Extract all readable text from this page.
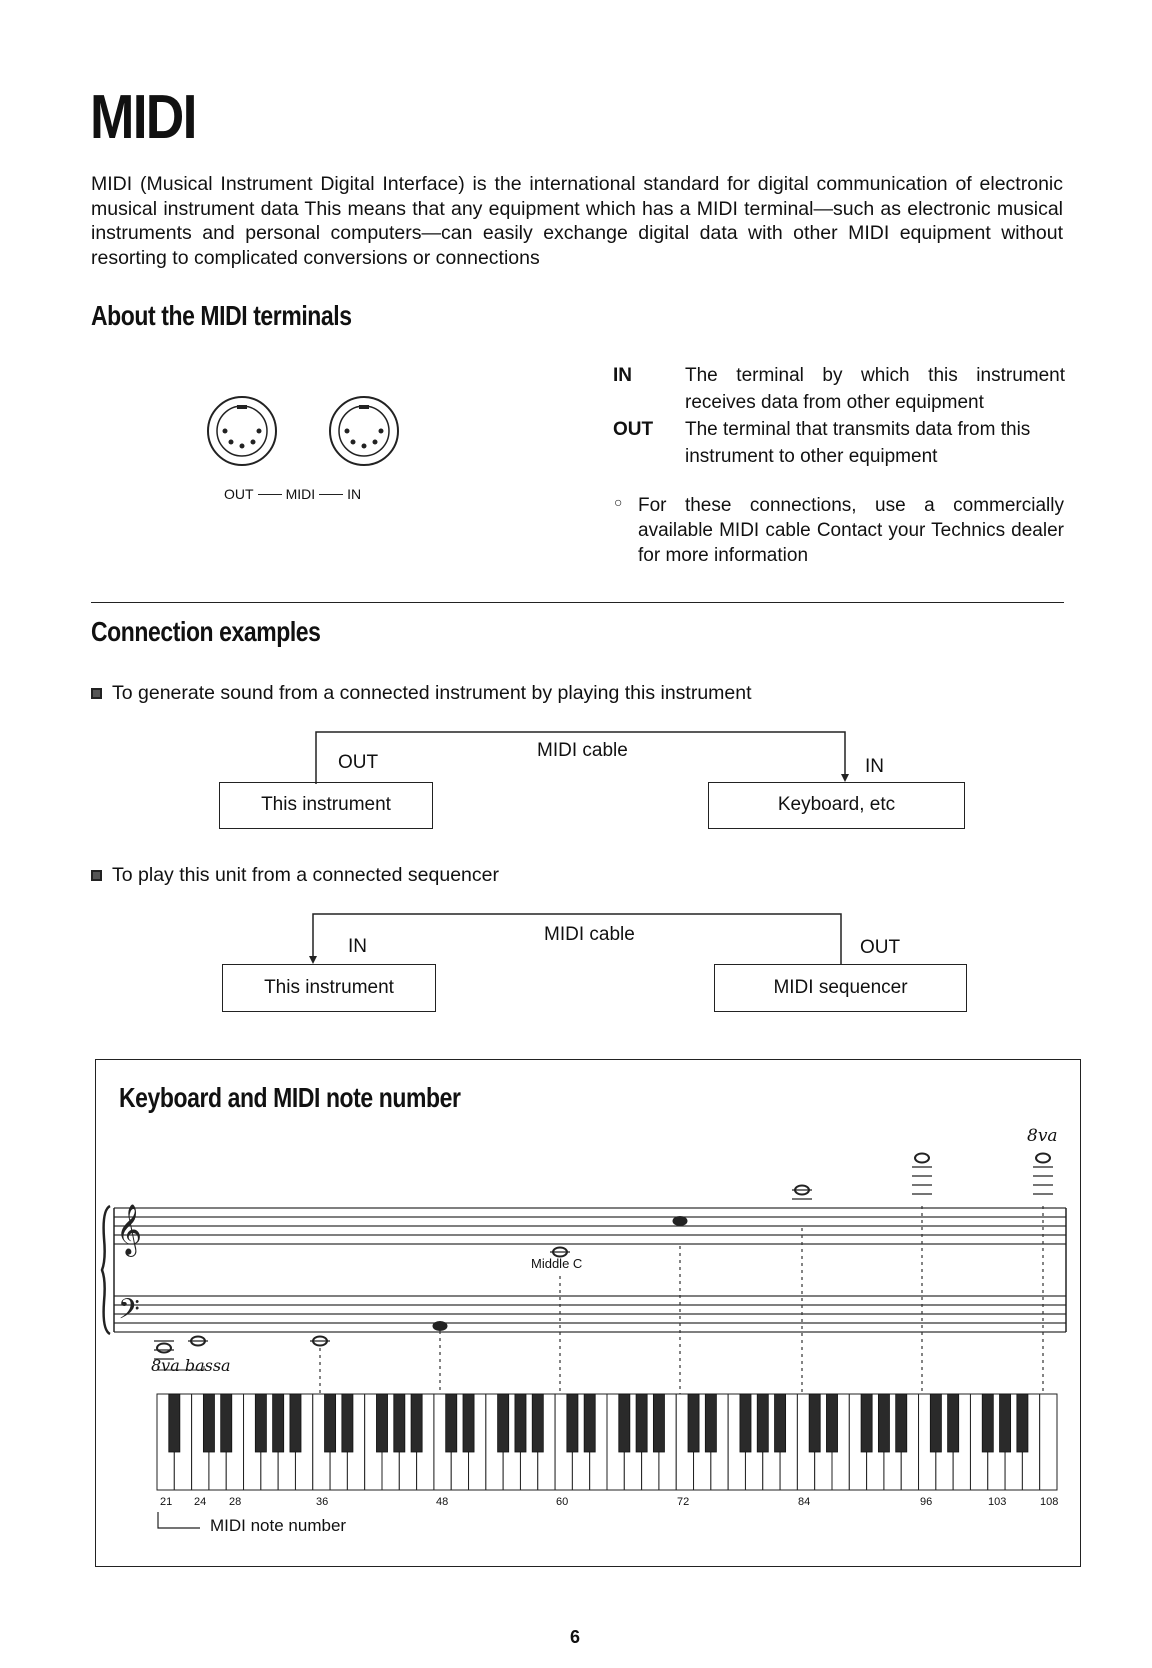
MIDI
MIDI (Musical Instrument Digital Interface) is the international standard for digital communication of electronic musical instrument data This means that any equipment which has a MIDI terminal—such as electronic musical instruments and personal computers—can easily exchange digital data with other MIDI equipment without resorting to complicated conversions or connections
About the MIDI terminals
OUT MIDI IN
IN	The terminal by which this instrument receives data from other equipment
OUT The terminal that transmits data from this instrument to other equipment
○ For these connections, use a commercially available MIDI cable Contact your Technics dealer for more information
Connection examples
To generate sound from a connected instrument by playing this instrument
OUT
MIDI cable
IN
This instrument	Keyboard, etc
To play this unit from a connected sequencer
IN
MIDI cable
OUT
This instrument	MIDI sequencer
Keyboard and MIDI note number
𝄞
𝄢
8va
8va bassa
Middle C
21 24 28	36	48	60	72	84	96	103	108
MIDI note number
6
